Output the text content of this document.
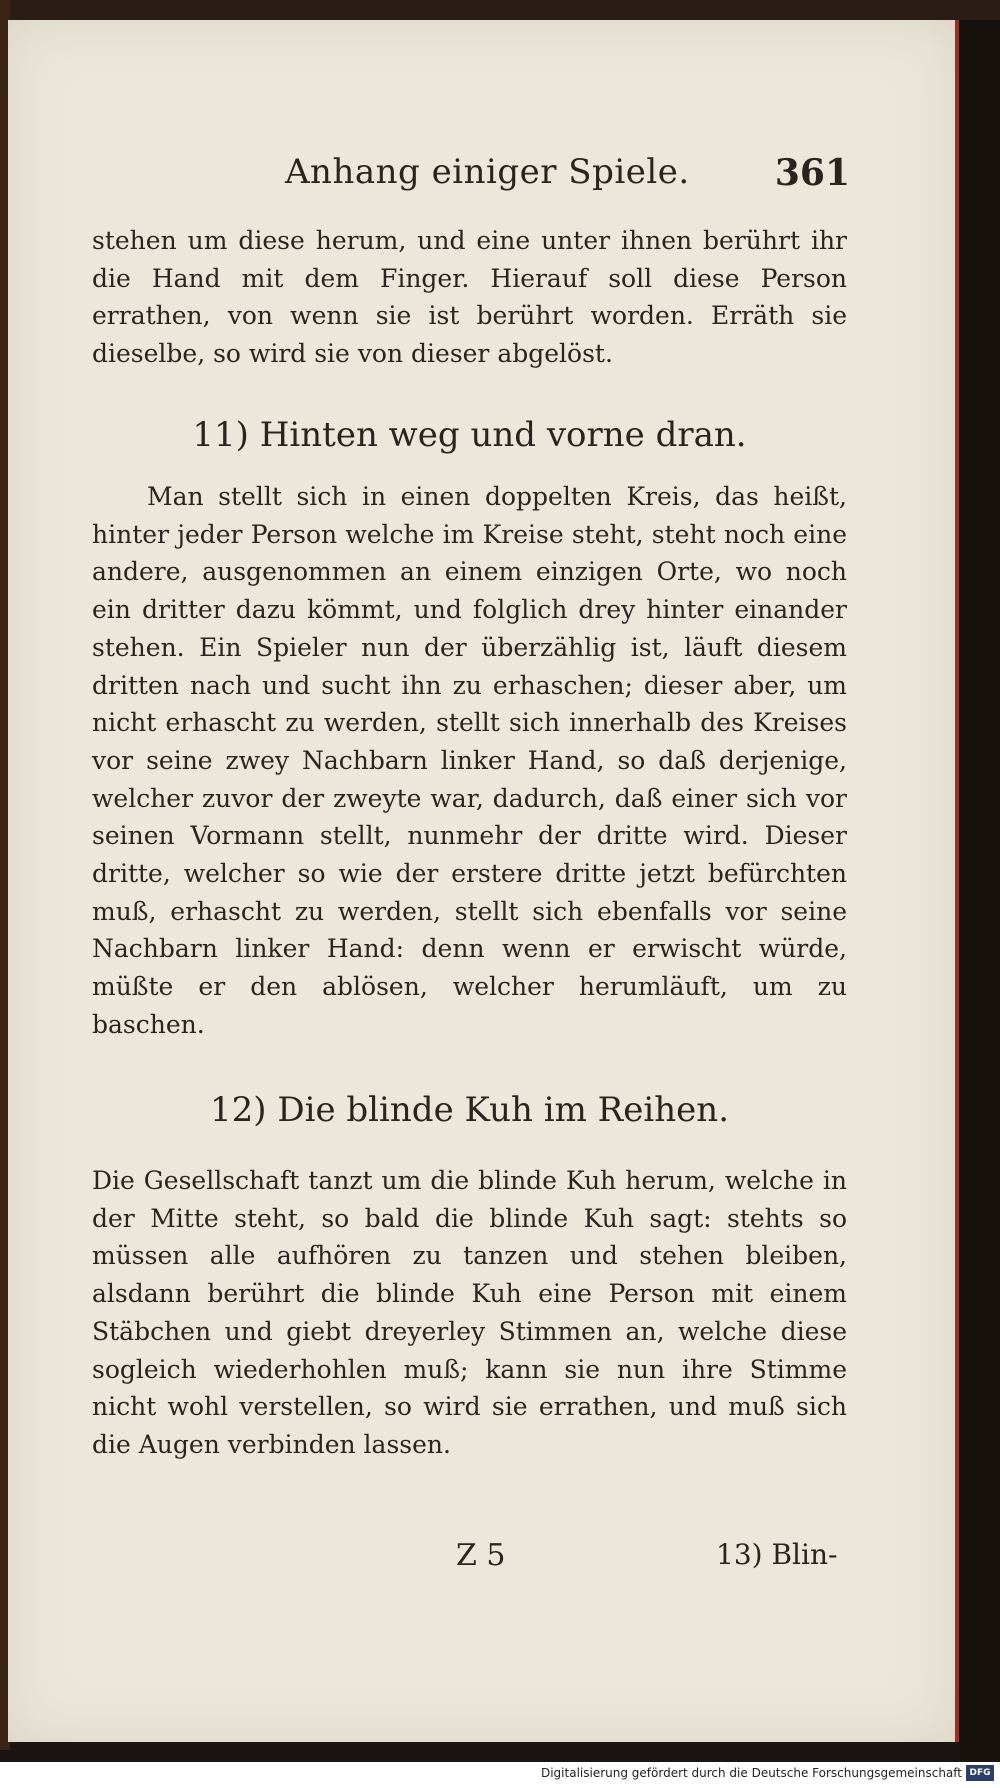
Anhang einiger Spiele. 361
stehen um diese herum, und eine unter ihnen berührt ihr die Hand mit dem Finger. Hierauf soll diese Person errathen, von wenn sie ist berührt worden. Erräth sie dieselbe, so wird sie von dieser abgelöst.
11) Hinten weg und vorne dran.
Man stellt sich in einen doppelten Kreis, das heißt, hinter jeder Person welche im Kreise steht, steht noch eine andere, ausgenommen an einem einzigen Orte, wo noch ein dritter dazu kömmt, und folglich drey hinter einander stehen. Ein Spieler nun der überzählig ist, läuft diesem dritten nach und sucht ihn zu erhaschen; dieser aber, um nicht erhascht zu werden, stellt sich innerhalb des Kreises vor seine zwey Nachbarn linker Hand, so daß derjenige, welcher zuvor der zweyte war, dadurch, daß einer sich vor seinen Vormann stellt, nunmehr der dritte wird. Dieser dritte, welcher so wie der erstere dritte jetzt befürchten muß, erhascht zu werden, stellt sich ebenfalls vor seine Nachbarn linker Hand: denn wenn er erwischt würde, müßte er den ablösen, welcher herumläuft, um zu baschen.
12) Die blinde Kuh im Reihen.
Die Gesellschaft tanzt um die blinde Kuh herum, welche in der Mitte steht, so bald die blinde Kuh sagt: stehts so müssen alle aufhören zu tanzen und stehen bleiben, alsdann berührt die blinde Kuh eine Person mit einem Stäbchen und giebt dreyerley Stimmen an, welche diese sogleich wiederhohlen muß; kann sie nun ihre Stimme nicht wohl verstellen, so wird sie errathen, und muß sich die Augen verbinden lassen.
Z 5	13) Blin-
Digitalisierung gefördert durch die Deutsche Forschungsgemeinschaft DFG
